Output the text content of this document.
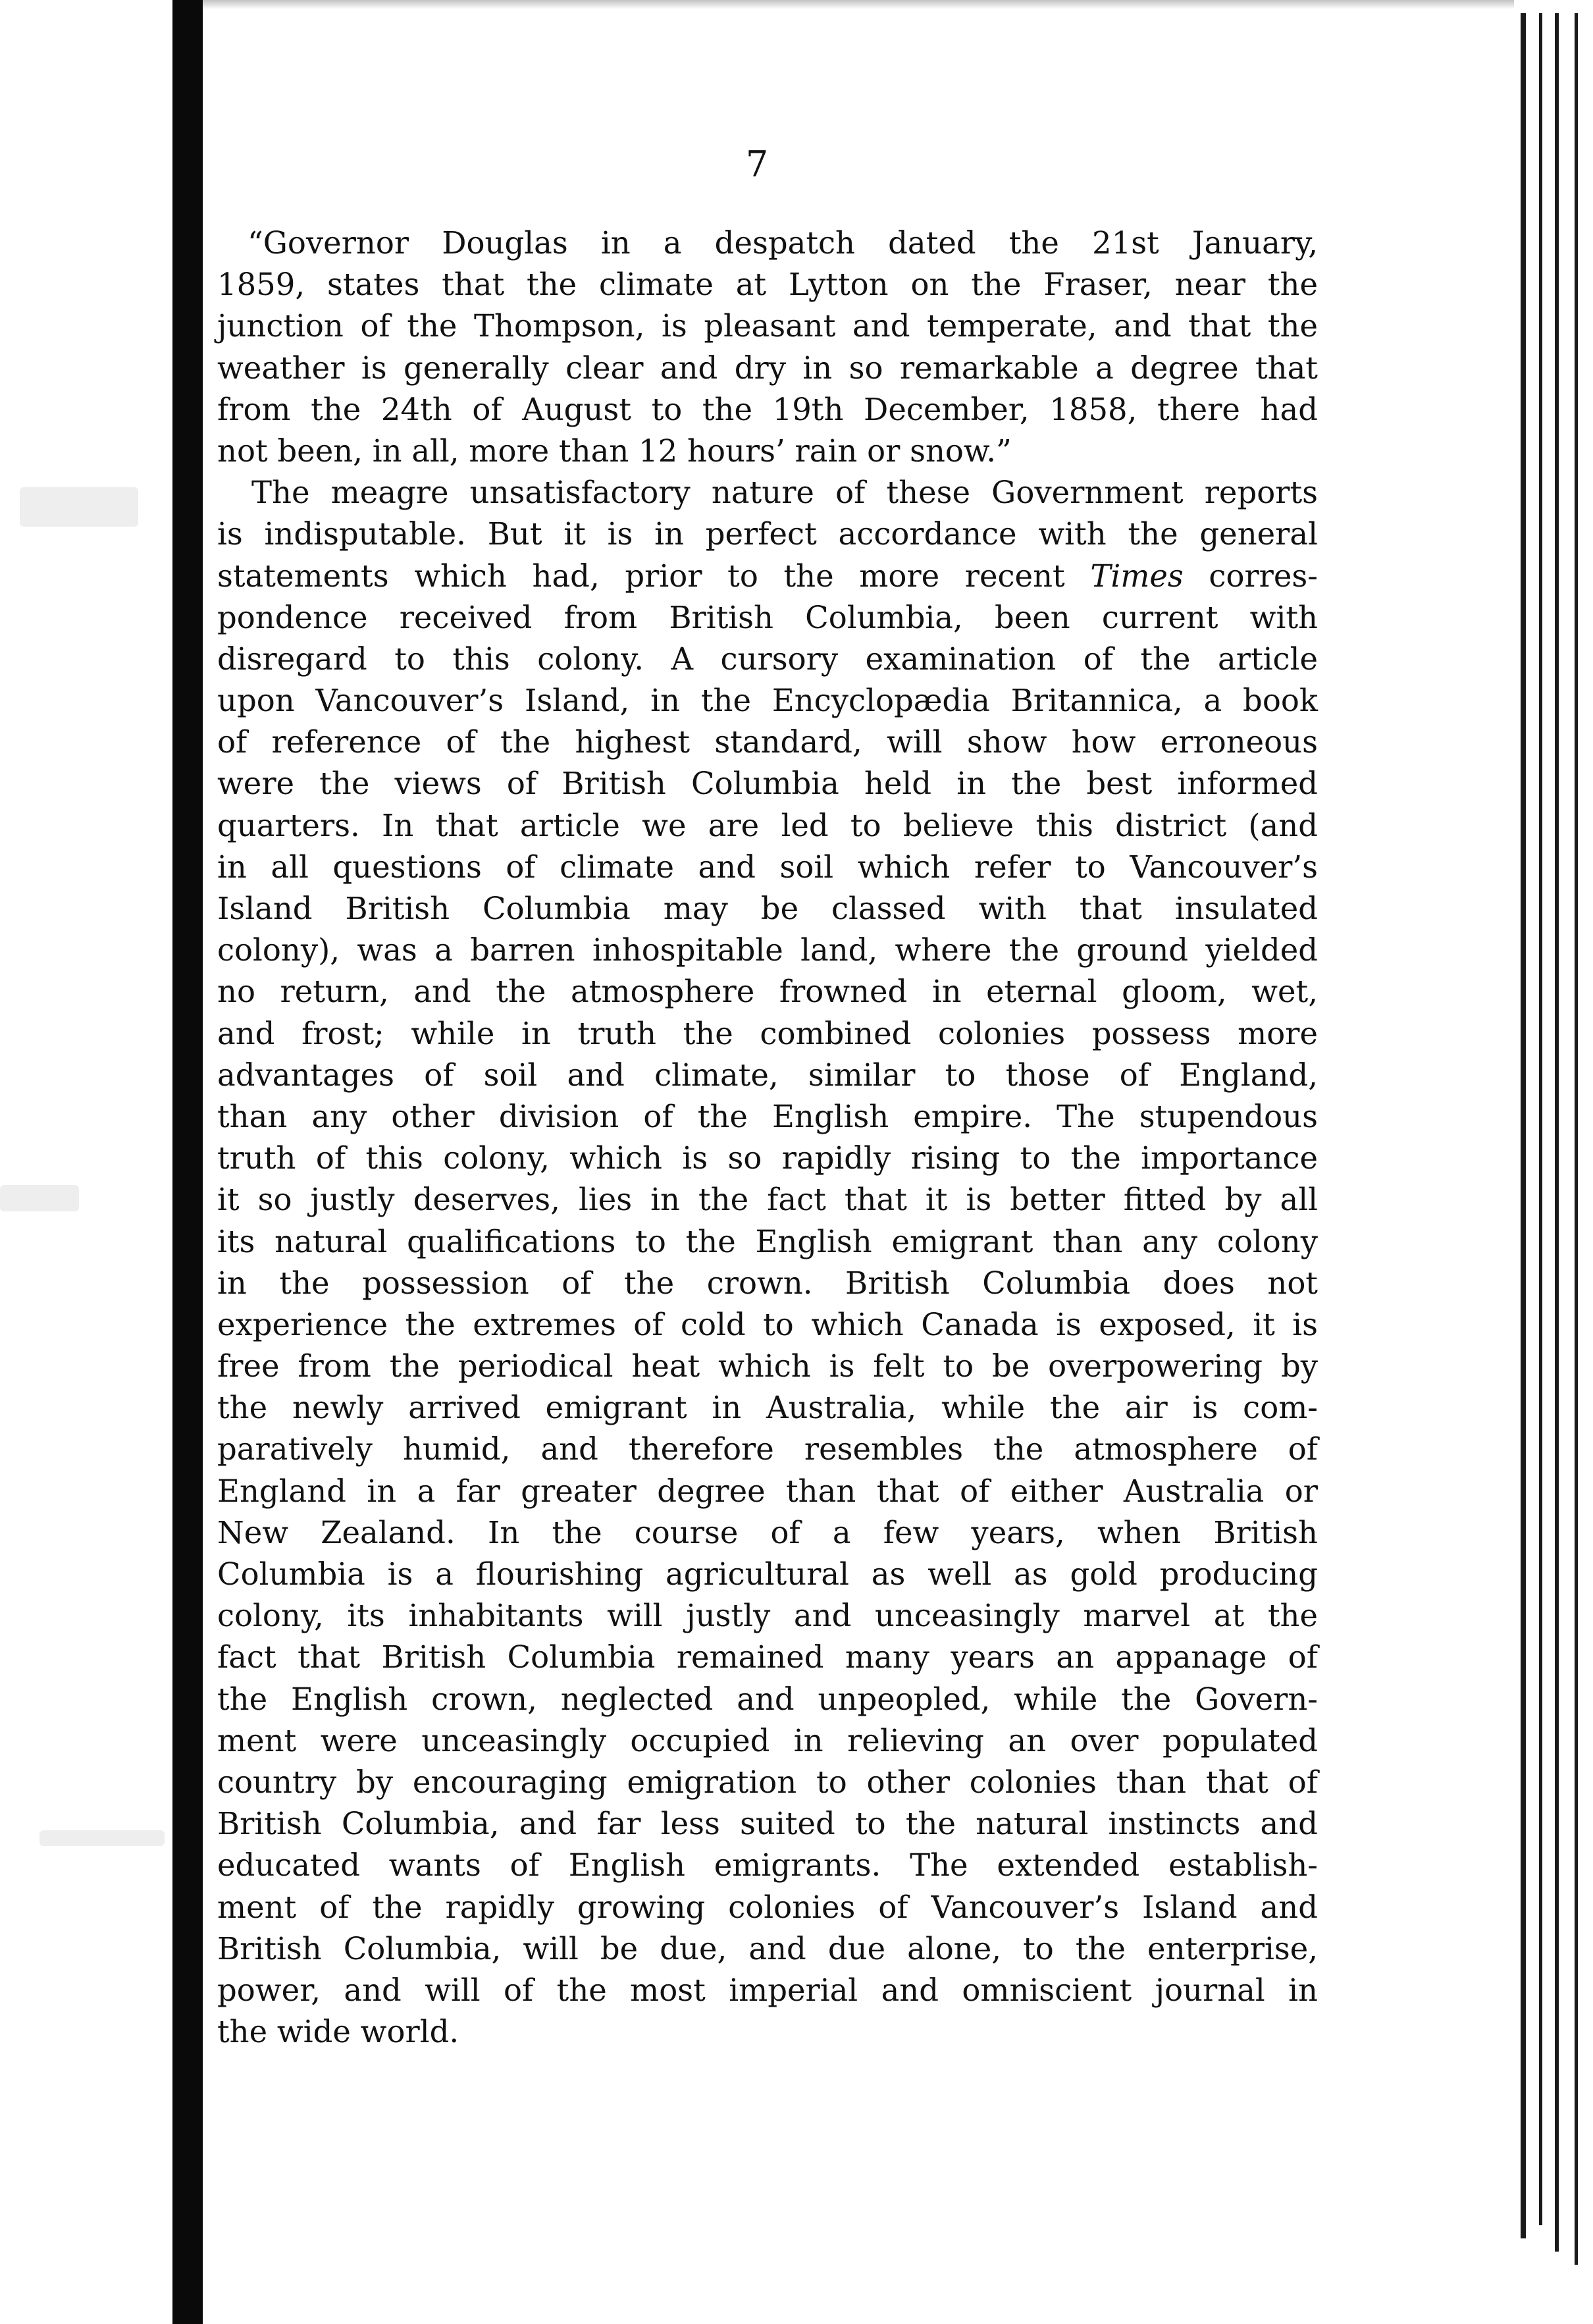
7
“Governor Douglas in a despatch dated the 21st January,
1859, states that the climate at Lytton on the Fraser, near the
junction of the Thompson, is pleasant and temperate, and that the
weather is generally clear and dry in so remarkable a degree that
from the 24th of August to the 19th December, 1858, there had
not been, in all, more than 12 hours’ rain or snow.”
The meagre unsatisfactory nature of these Government reports
is indisputable. But it is in perfect accordance with the general
statements which had, prior to the more recent Times corres-
pondence received from British Columbia, been current with
disregard to this colony. A cursory examination of the article
upon Vancouver’s Island, in the Encyclopædia Britannica, a book
of reference of the highest standard, will show how erroneous
were the views of British Columbia held in the best informed
quarters. In that article we are led to believe this district (and
in all questions of climate and soil which refer to Vancouver’s
Island British Columbia may be classed with that insulated
colony), was a barren inhospitable land, where the ground yielded
no return, and the atmosphere frowned in eternal gloom, wet,
and frost; while in truth the combined colonies possess more
advantages of soil and climate, similar to those of England,
than any other division of the English empire. The stupendous
truth of this colony, which is so rapidly rising to the importance
it so justly deserves, lies in the fact that it is better fitted by all
its natural qualifications to the English emigrant than any colony
in the possession of the crown. British Columbia does not
experience the extremes of cold to which Canada is exposed, it is
free from the periodical heat which is felt to be overpowering by
the newly arrived emigrant in Australia, while the air is com-
paratively humid, and therefore resembles the atmosphere of
England in a far greater degree than that of either Australia or
New Zealand. In the course of a few years, when British
Columbia is a flourishing agricultural as well as gold producing
colony, its inhabitants will justly and unceasingly marvel at the
fact that British Columbia remained many years an appanage of
the English crown, neglected and unpeopled, while the Govern-
ment were unceasingly occupied in relieving an over populated
country by encouraging emigration to other colonies than that of
British Columbia, and far less suited to the natural instincts and
educated wants of English emigrants. The extended establish-
ment of the rapidly growing colonies of Vancouver’s Island and
British Columbia, will be due, and due alone, to the enterprise,
power, and will of the most imperial and omniscient journal in
the wide world.
